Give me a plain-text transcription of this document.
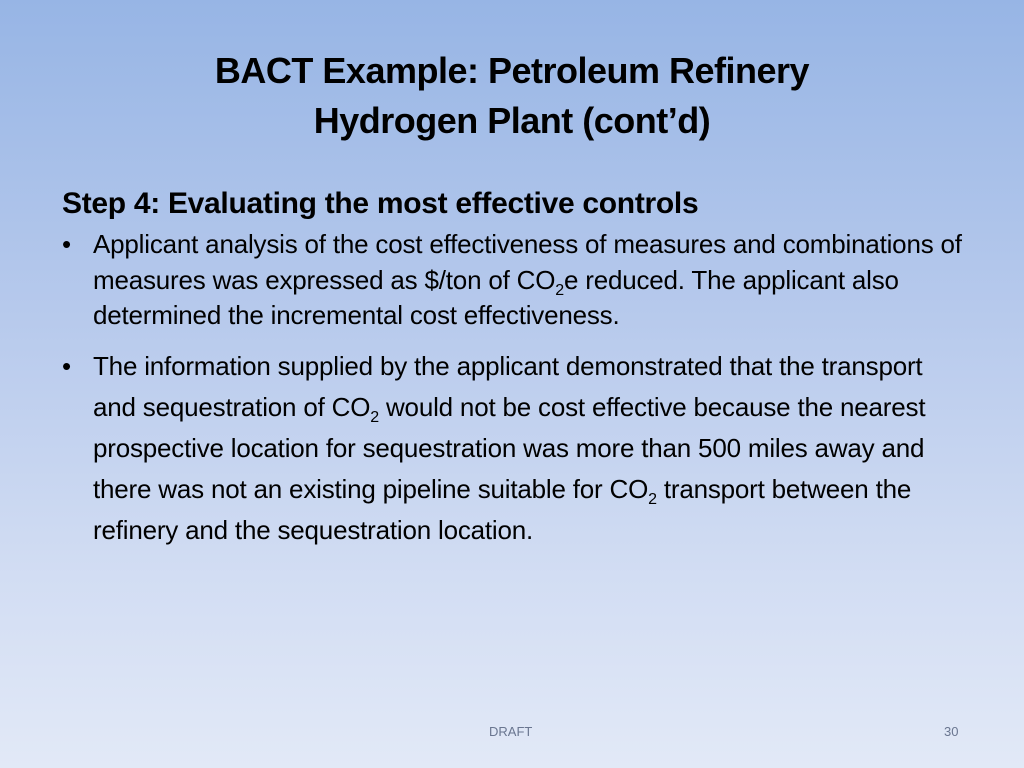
BACT Example: Petroleum Refinery
Hydrogen Plant (cont’d)
Step 4: Evaluating the most effective controls
• Applicant analysis of the cost effectiveness of measures and combinations of measures was expressed as $/ton of $CO_2e$ reduced. The applicant also determined the incremental cost effectiveness.
• The information supplied by the applicant demonstrated that the transport and sequestration of $CO_2$ would not be cost effective because the nearest prospective location for sequestration was more than 500 miles away and there was not an existing pipeline suitable for $CO_2$ transport between the refinery and the sequestration location.
DRAFT	30
